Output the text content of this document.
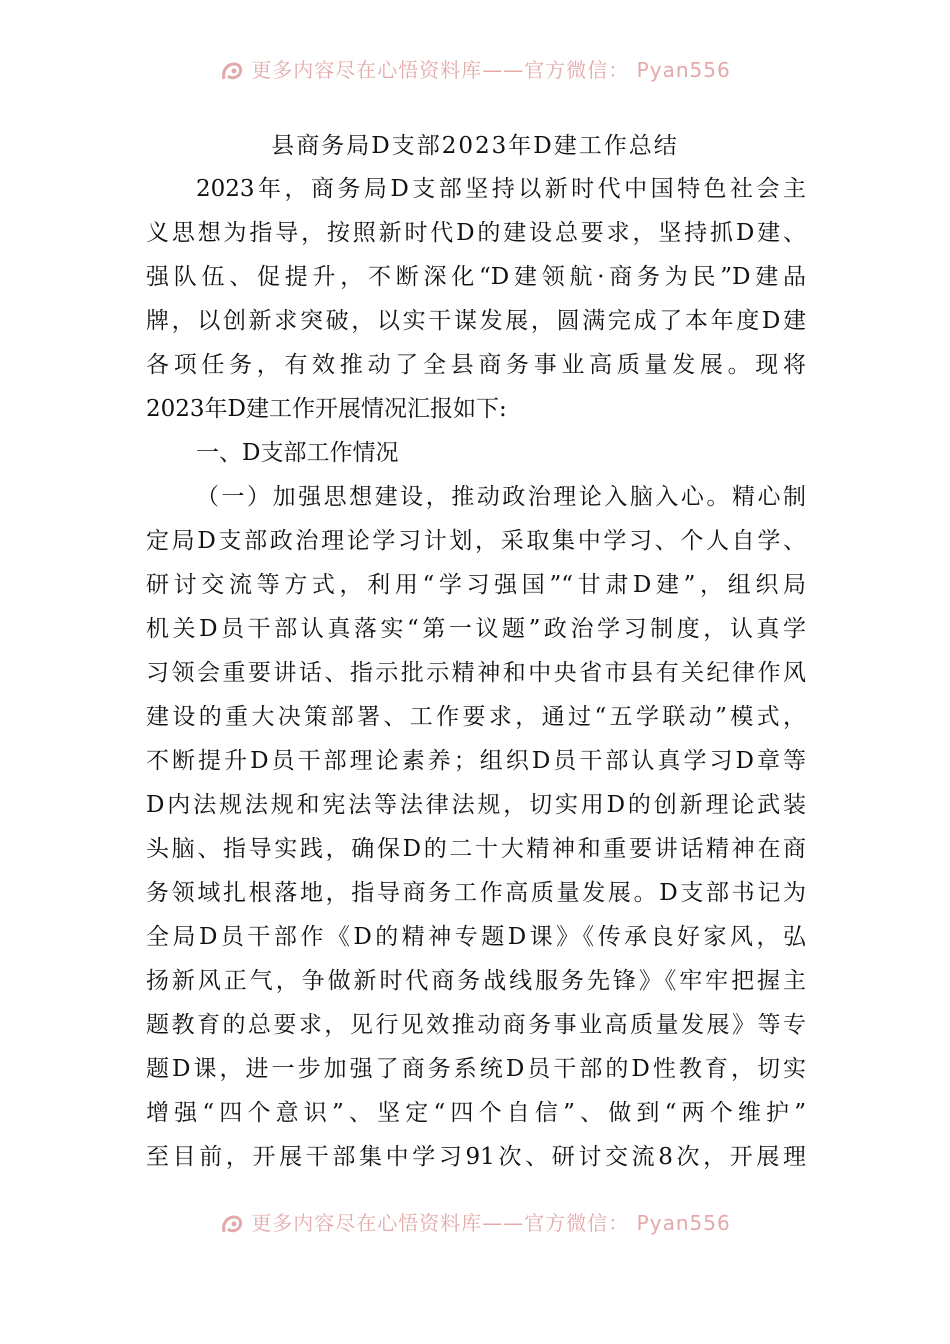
更多内容尽在心悟资料库——官方微信： Pyan556
县商务局D支部2023年D建工作总结
2023年，商务局D支部坚持以新时代中国特色社会主
义思想为指导，按照新时代D的建设总要求，坚持抓D建、
强队伍、促提升，不断深化“D建领航·商务为民”D建品
牌，以创新求突破，以实干谋发展，圆满完成了本年度D建
各项任务，有效推动了全县商务事业高质量发展。现将
2023年D建工作开展情况汇报如下:
一、D支部工作情况
（一）加强思想建设，推动政治理论入脑入心。精心制
定局D支部政治理论学习计划，采取集中学习、个人自学、
研讨交流等方式，利用“学习强国”“甘肃D建”，组织局
机关D员干部认真落实“第一议题”政治学习制度，认真学
习领会重要讲话、指示批示精神和中央省市县有关纪律作风
建设的重大决策部署、工作要求，通过“五学联动”模式，
不断提升D员干部理论素养；组织D员干部认真学习D章等
D内法规法规和宪法等法律法规，切实用D的创新理论武装
头脑、指导实践，确保D的二十大精神和重要讲话精神在商
务领域扎根落地，指导商务工作高质量发展。D支部书记为
全局D员干部作《D的精神专题D课》《传承良好家风，弘
扬新风正气，争做新时代商务战线服务先锋》《牢牢把握主
题教育的总要求，见行见效推动商务事业高质量发展》等专
题D课，进一步加强了商务系统D员干部的D性教育，切实
增强“四个意识”、坚定“四个自信”、做到“两个维护”
至目前，开展干部集中学习91次、研讨交流8次，开展理
更多内容尽在心悟资料库——官方微信： Pyan556
